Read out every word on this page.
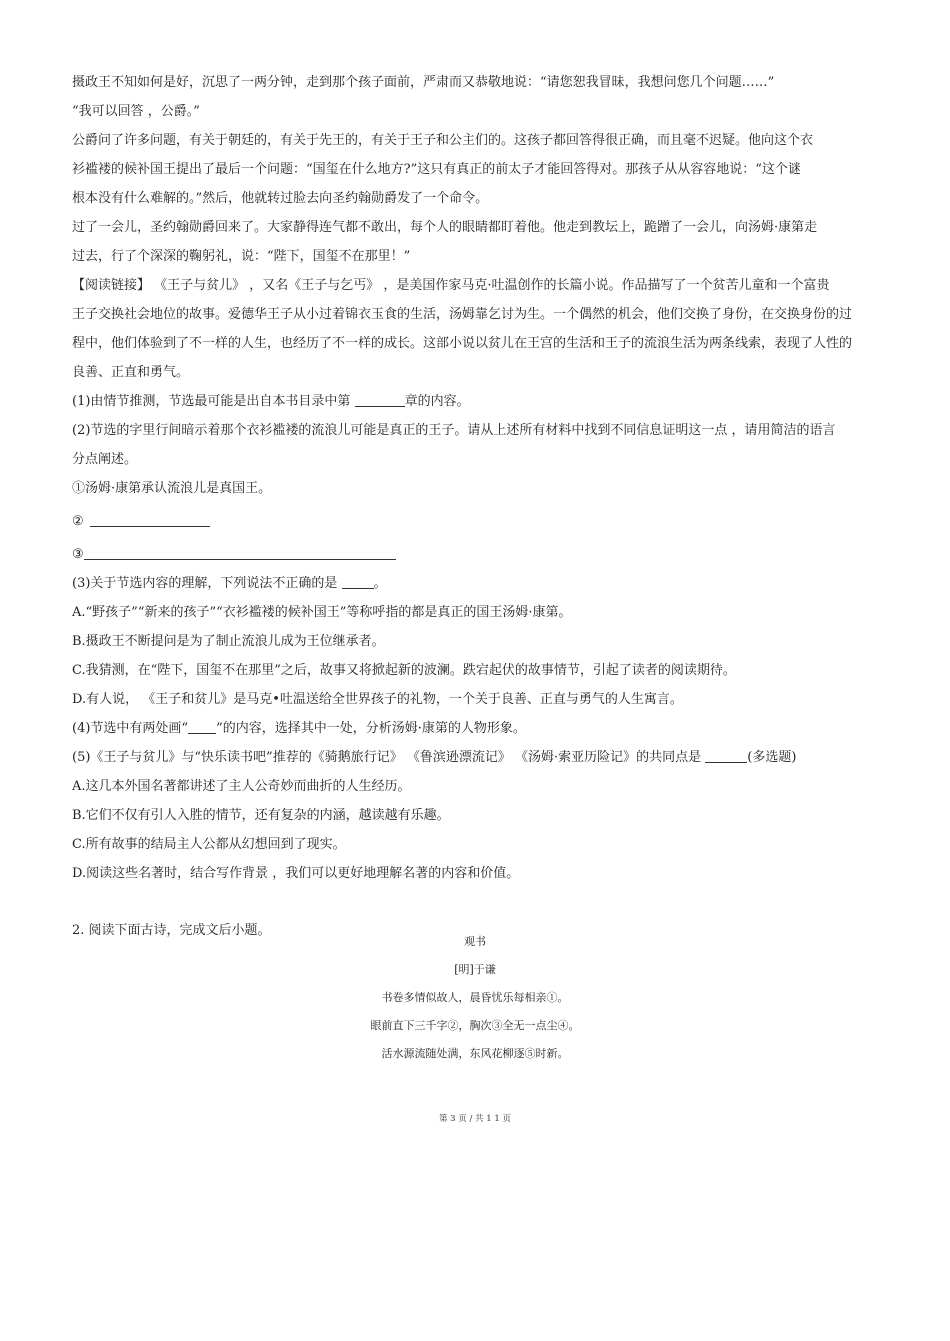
摄政王不知如何是好，沉思了一两分钟，走到那个孩子面前，严肃而又恭敬地说：“请您恕我冒昧，我想问您几个问题……”

“我可以回答 ，公爵。”

公爵问了许多问题，有关于朝廷的，有关于先王的，有关于王子和公主们的。这孩子都回答得很正确，而且毫不迟疑。他向这个衣

衫褴褛的候补国王提出了最后一个问题：“国玺在什么地方?”这只有真正的前太子才能回答得对。那孩子从从容容地说：“这个谜

根本没有什么难解的。”然后，他就转过脸去向圣约翰勋爵发了一个命令。

过了一会儿，圣约翰勋爵回来了。大家静得连气都不敢出，每个人的眼睛都盯着他。他走到教坛上，跪蹭了一会儿，向汤姆·康第走

过去，行了个深深的鞠躬礼，说：“陛下，国玺不在那里！”

【阅读链接】 《王子与贫儿》 ，又名《王子与乞丐》 ，是美国作家马克·吐温创作的长篇小说。作品描写了一个贫苦儿童和一个富贵

王子交换社会地位的故事。爱德华王子从小过着锦衣玉食的生活，汤姆靠乞讨为生。一个偶然的机会，他们交换了身份，在交换身份的过

程中，他们体验到了不一样的人生，也经历了不一样的成长。这部小说以贫儿在王宫的生活和王子的流浪生活为两条线索，表现了人性的

良善、正直和勇气。

(1)由情节推测，节选最可能是出自本书目录中第	章的内容。

(2)节选的字里行间暗示着那个衣衫褴褛的流浪儿可能是真正的王子。请从上述所有材料中找到不同信息证明这一点 ，请用简洁的语言

分点阐述。

①汤姆·康第承认流浪儿是真国王。

②

③

(3)关于节选内容的理解，下列说法不正确的是 。

A.“野孩子”“新来的孩子”“衣衫褴褛的候补国王”等称呼指的都是真正的国王汤姆·康第。

B.摄政王不断提问是为了制止流浪儿成为王位继承者。

C.我猜测，在“陛下，国玺不在那里”之后，故事又将掀起新的波澜。跌宕起伏的故事情节，引起了读者的阅读期待。

D.有人说， 《王子和贫儿》是马克•吐温送给全世界孩子的礼物，一个关于良善、正直与勇气的人生寓言。

(4)节选中有两处画“ ”的内容，选择其中一处，分析汤姆·康第的人物形象。

(5)《王子与贫儿》与“快乐读书吧”推荐的《骑鹅旅行记》 《鲁滨逊漂流记》 《汤姆·索亚历险记》的共同点是	(多选题)

A.这几本外国名著都讲述了主人公奇妙而曲折的人生经历。

B.它们不仅有引人入胜的情节，还有复杂的内涵，越读越有乐趣。

C.所有故事的结局主人公都从幻想回到了现实。

D.阅读这些名著时，结合写作背景 ，我们可以更好地理解名著的内容和价值。

2. 阅读下面古诗，完成文后小题。

观书
[明]于谦
书卷多情似故人，晨昏忧乐每相亲①。
眼前直下三千字②，胸次③全无一点尘④。
活水源流随处满，东风花柳逐⑤时新。
第 3 页 / 共 1 1 页
